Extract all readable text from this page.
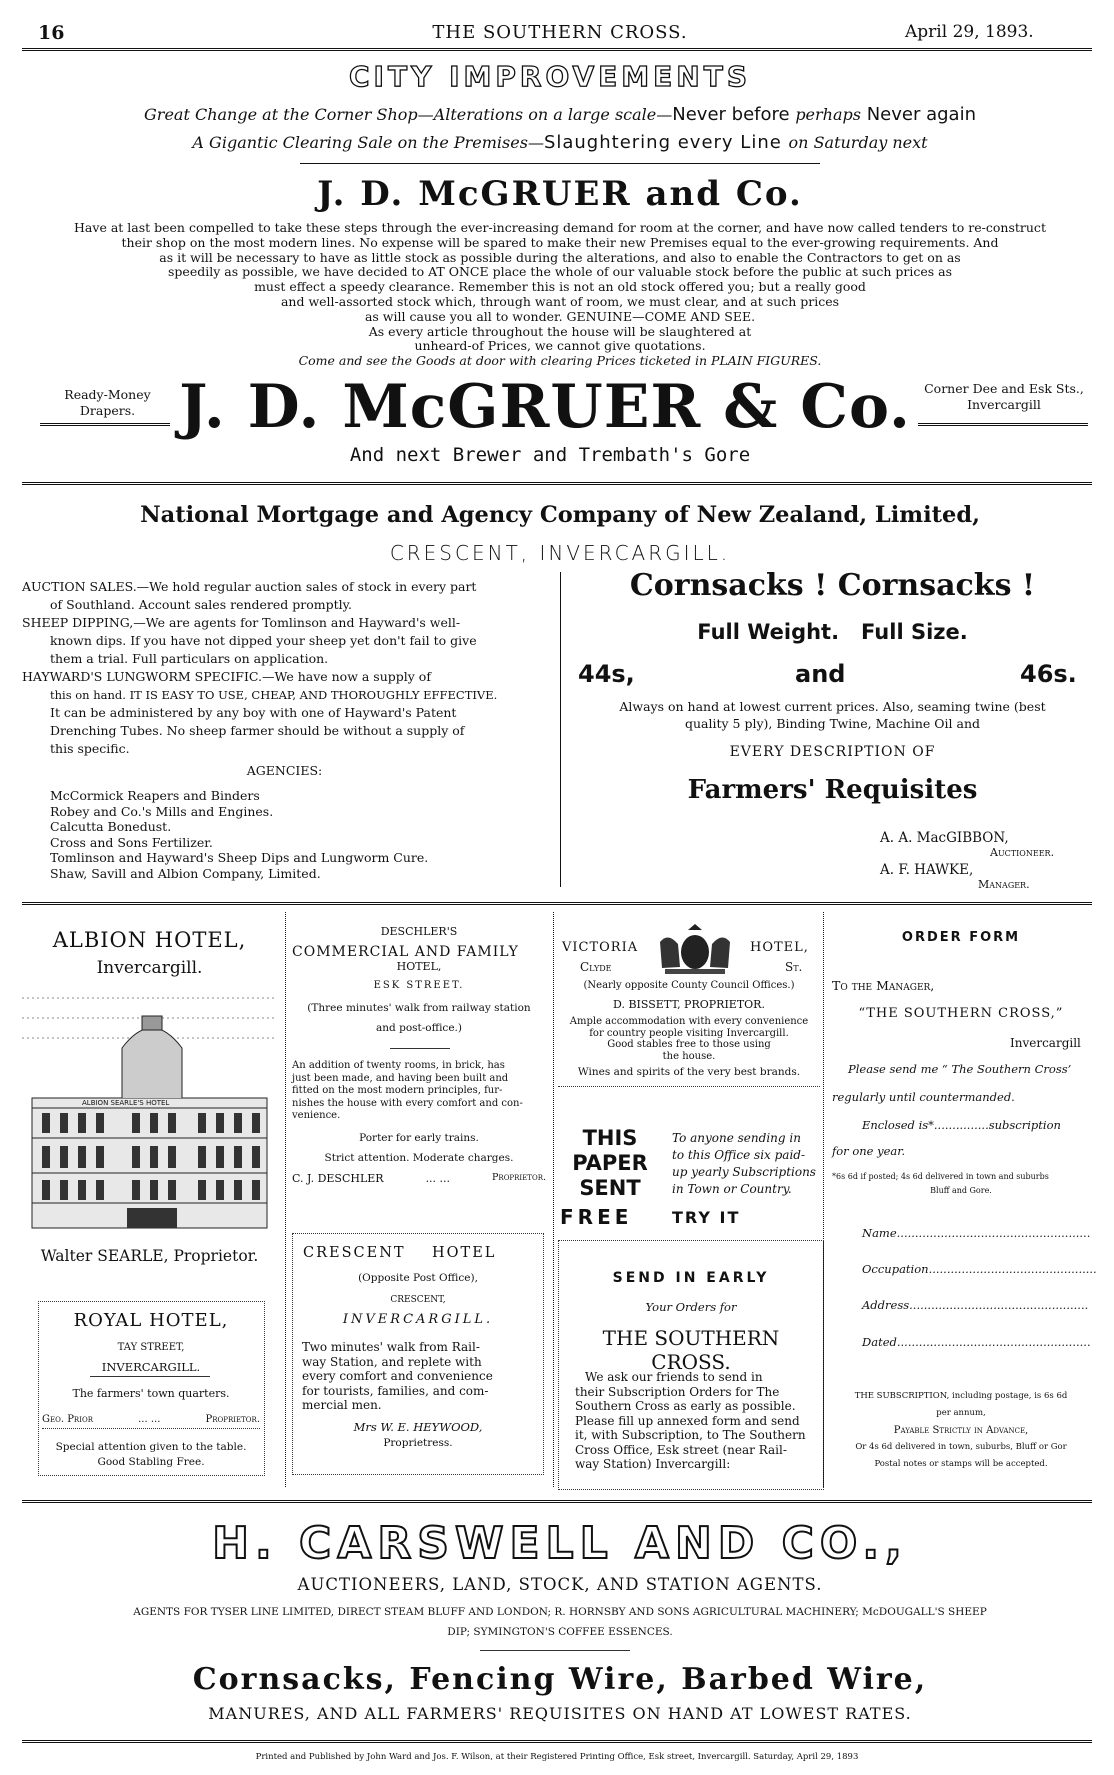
16	THE SOUTHERN CROSS.	April 29, 1893.
CITY IMPROVEMENTS
Great Change at the Corner Shop—Alterations on a large scale—Never before perhaps Never again
A Gigantic Clearing Sale on the Premises—Slaughtering every Line on Saturday next
J. D. McGRUER and Co.
Have at last been compelled to take these steps through the ever-increasing demand for room at the corner, and have now called tenders to re-construct
their shop on the most modern lines. No expense will be spared to make their new Premises equal to the ever-growing requirements. And
as it will be necessary to have as little stock as possible during the alterations, and also to enable the Contractors to get on as
speedily as possible, we have decided to AT ONCE place the whole of our valuable stock before the public at such prices as
must effect a speedy clearance. Remember this is not an old stock offered you; but a really good
and well-assorted stock which, through want of room, we must clear, and at such prices
as will cause you all to wonder. GENUINE—COME AND SEE.
As every article throughout the house will be slaughtered at
unheard-of Prices, we cannot give quotations.
Come and see the Goods at door with clearing Prices ticketed in PLAIN FIGURES.
Ready-Money
Drapers. J. D. McGRUER & Co.	Corner Dee and Esk Sts.,
Invercargill
And next Brewer and Trembath's Gore
National Mortgage and Agency Company of New Zealand, Limited,
CRESCENT, INVERCARGILL.
AUCTION SALES.—We hold regular auction sales of stock in every part
of Southland. Account sales rendered promptly.
SHEEP DIPPING,—We are agents for Tomlinson and Hayward's well-
known dips. If you have not dipped your sheep yet don't fail to give
them a trial. Full particulars on application.
HAYWARD'S LUNGWORM SPECIFIC.—We have now a supply of
this on hand. IT IS EASY TO USE, CHEAP, AND THOROUGHLY EFFECTIVE.
It can be administered by any boy with one of Hayward's Patent
Drenching Tubes. No sheep farmer should be without a supply of
this specific.
AGENCIES:
McCormick Reapers and Binders
Robey and Co.'s Mills and Engines.
Calcutta Bonedust.
Cross and Sons Fertilizer.
Tomlinson and Hayward's Sheep Dips and Lungworm Cure.
Shaw, Savill and Albion Company, Limited.
Cornsacks ! Cornsacks !
Full Weight.   Full Size.
44s,	and	46s.
Always on hand at lowest current prices. Also, seaming twine (best
quality 5 ply), Binding Twine, Machine Oil and
EVERY DESCRIPTION OF
Farmers' Requisites
A. A. MacGIBBON,
Auctioneer.
A. F. HAWKE,
Manager.
ALBION HOTEL,
Invercargill.
ALBION SEARLE'S HOTEL
Walter SEARLE, Proprietor.
ROYAL HOTEL,
TAY STREET,
INVERCARGILL.
The farmers' town quarters.
Geo. Prior	... ...	Proprietor.
Special attention given to the table.
Good Stabling Free.
DESCHLER'S
COMMERCIAL AND FAMILY
HOTEL,
ESK STREET.
(Three minutes' walk from railway station
and post-office.)
An addition of twenty rooms, in brick, has
just been made, and having been built and
fitted on the most modern principles, fur-
nishes the house with every comfort and con-
venience.
Porter for early trains.
Strict attention. Moderate charges.
C. J. DESCHLER	... ...	Proprietor.
CRESCENT    HOTEL
(Opposite Post Office),
CRESCENT,
INVERCARGILL.
Two minutes' walk from Rail-
way Station, and replete with
every comfort and convenience
for tourists, families, and com-
mercial men.
Mrs W. E. HEYWOOD,
Proprietress.
VICTORIA	HOTEL,
Clyde	St.
(Nearly opposite County Council Offices.)
D. BISSETT, PROPRIETOR.
Ample accommodation with every convenience
for country people visiting Invercargill.
Good stables free to those using
the house.
Wines and spirits of the very best brands.
THIS
PAPER
SENT
To anyone sending in
to this Office six paid-
up yearly Subscriptions
in Town or Country.
FREE TRY IT
SEND IN EARLY
Your Orders for
THE SOUTHERN CROSS.
We ask our friends to send in
their Subscription Orders for The
Southern Cross as early as possible.
Please fill up annexed form and send
it, with Subscription, to The Southern
Cross Office, Esk street (near Rail-
way Station) Invercargill:
ORDER FORM
To the Manager,
“THE SOUTHERN CROSS,”
Invercargill
Please send me “ The Southern Cross’
regularly until countermanded.
Enclosed is*...............subscription
for one year.
*6s 6d if posted; 4s 6d delivered in town and suburbs
Bluff and Gore.
Name.....................................................
Occupation..............................................
Address.................................................
Dated.....................................................
THE SUBSCRIPTION, including postage, is 6s 6d
per annum,
Payable Strictly in Advance,
Or 4s 6d delivered in town, suburbs, Bluff or Gor
Postal notes or stamps will be accepted.
H. CARSWELL AND CO.,
AUCTIONEERS, LAND, STOCK, AND STATION AGENTS.
AGENTS FOR TYSER LINE LIMITED, DIRECT STEAM BLUFF AND LONDON; R. HORNSBY AND SONS AGRICULTURAL MACHINERY; McDOUGALL'S SHEEP
DIP; SYMINGTON'S COFFEE ESSENCES.
Cornsacks, Fencing Wire, Barbed Wire,
MANURES, AND ALL FARMERS' REQUISITES ON HAND AT LOWEST RATES.
Printed and Published by John Ward and Jos. F. Wilson, at their Registered Printing Office, Esk street, Invercargill. Saturday, April 29, 1893
